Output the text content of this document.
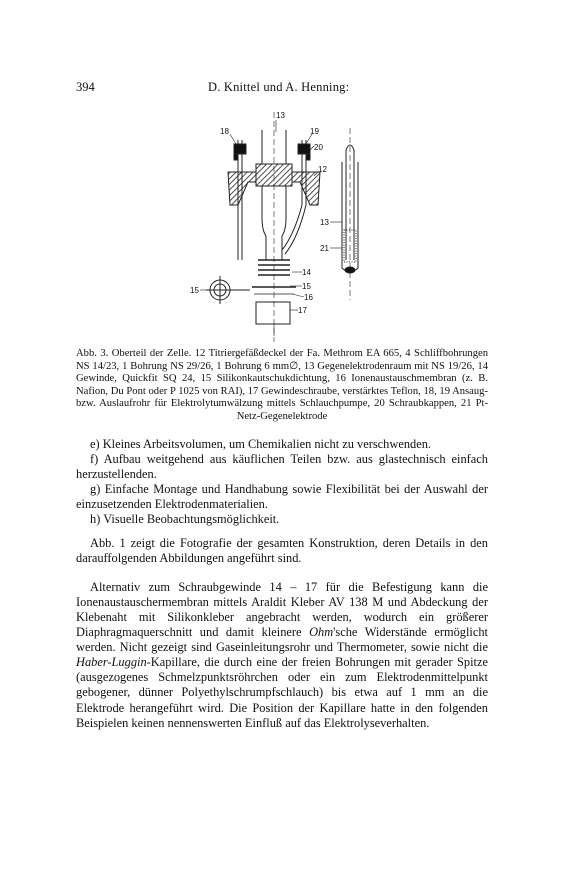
394	D. Knittel und A. Henning:
13
18	19
20
12
13
21
14
15	15
16
17
Abb. 3. Oberteil der Zelle. 12 Titriergefäßdeckel der Fa. Methrom EA 665, 4 Schliffbohrungen NS 14/23, 1 Bohrung NS 29/26, 1 Bohrung 6 mm∅, 13 Gegenelektrodenraum mit NS 19/26, 14 Gewinde, Quickfit SQ 24, 15 Silikonkautschukdichtung, 16 Ionenaustauschmembran (z. B. Nafion, Du Pont oder P 1025 von RAI), 17 Gewindeschraube, verstärktes Teflon, 18, 19 Ansaug- bzw. Auslaufrohr für Elektrolytumwälzung mittels Schlauchpumpe, 20 Schraubkappen, 21 Pt-Netz-Gegenelektrode

e) Kleines Arbeitsvolumen, um Chemikalien nicht zu verschwenden.

f) Aufbau weitgehend aus käuflichen Teilen bzw. aus glastechnisch einfach herzustellenden.

g) Einfache Montage und Handhabung sowie Flexibilität bei der Auswahl der einzusetzenden Elektrodenmaterialien.

h) Visuelle Beobachtungsmöglichkeit.

Abb. 1 zeigt die Fotografie der gesamten Konstruktion, deren Details in den darauffolgenden Abbildungen angeführt sind.

Alternativ zum Schraubgewinde 14 – 17 für die Befestigung kann die Ionenaustauschermembran mittels Araldit Kleber AV 138 M und Abdeckung der Klebenaht mit Silikonkleber angebracht werden, wodurch ein größerer Diaphragmaquerschnitt und damit kleinere Ohm'sche Widerstände ermöglicht werden. Nicht gezeigt sind Gaseinleitungsrohr und Thermometer, sowie nicht die Haber-Luggin-Kapillare, die durch eine der freien Bohrungen mit gerader Spitze (ausgezogenes Schmelzpunktsröhrchen oder ein zum Elektrodenmittelpunkt gebogener, dünner Polyethylschrumpfschlauch) bis etwa auf 1 mm an die Elektrode herangeführt wird. Die Position der Kapillare hatte in den folgenden Beispielen keinen nennenswerten Einfluß auf das Elektrolyseverhalten.
